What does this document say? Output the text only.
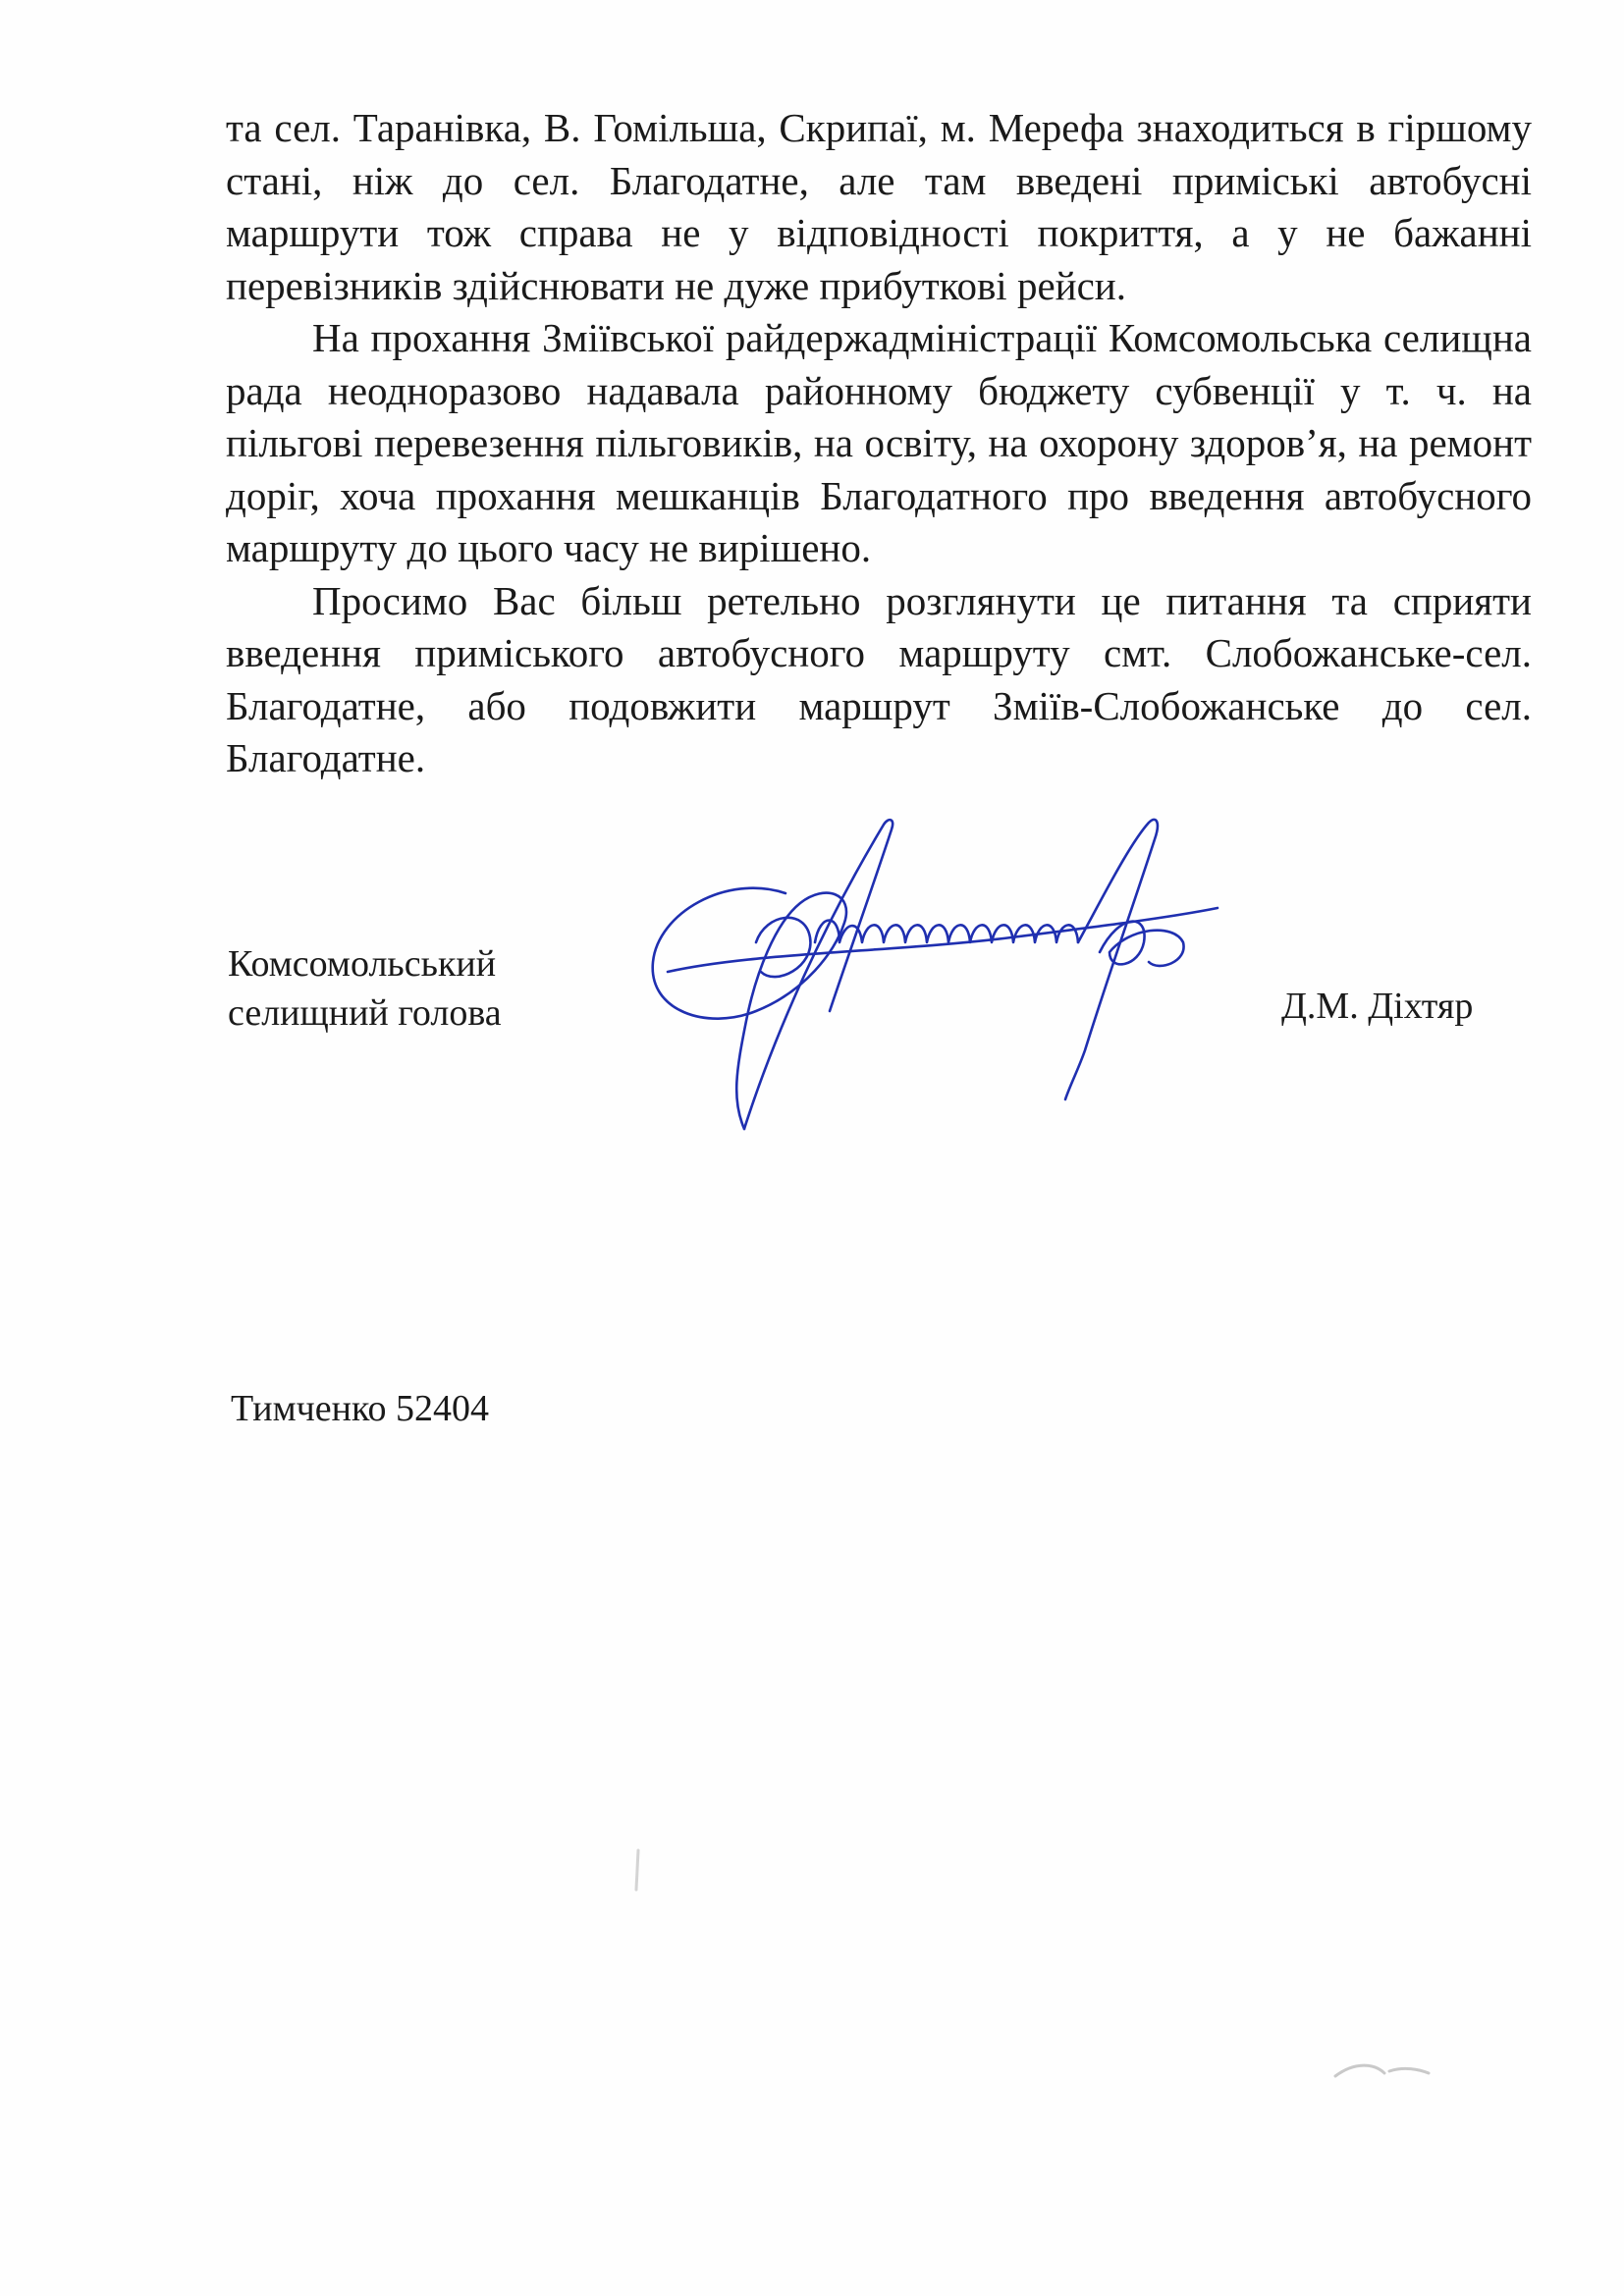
та сел. Таранівка, В. Гомільша, Скрипаї, м. Мерефа знаходиться в гіршому стані, ніж до сел. Благодатне, але там введені приміські автобусні маршрути тож справа не у відповідності покриття, а у не бажанні перевізників здійснювати не дуже прибуткові рейси.

На прохання Зміївської райдержадміністрації Комсомольська селищна рада неодноразово надавала районному бюджету субвенції у т. ч. на пільгові перевезення пільговиків, на освіту, на охорону здоров’я, на ремонт доріг, хоча прохання мешканців Благодатного про введення автобусного маршруту до цього часу не вирішено.

Просимо Вас більш ретельно розглянути це питання та сприяти введення приміського автобусного маршруту смт. Слобожанське-сел. Благодатне, або подовжити маршрут Зміїв-Слобожанське до сел. Благодатне.

Комсомольський
селищний голова	Д.М. Діхтяр
Тимченко 52404
